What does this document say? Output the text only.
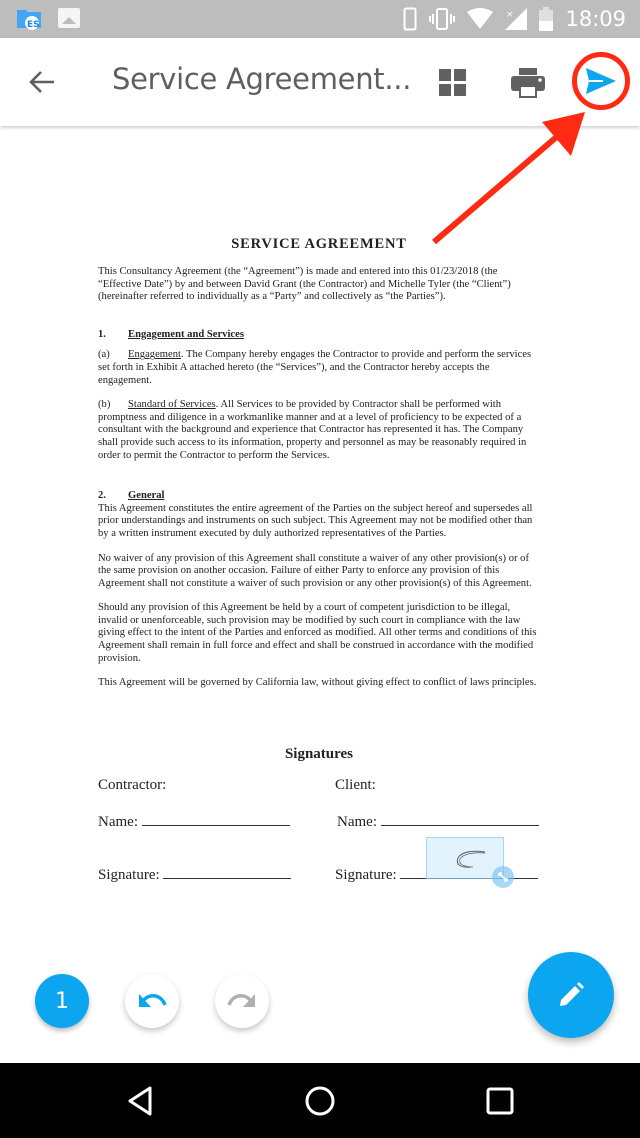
ES
× 18:09
Service Agreement...
SERVICE AGREEMENT
This Consultancy Agreement (the “Agreement”) is made and entered into this 01/23/2018 (the “Effective Date”) by and between David Grant (the Contractor) and Michelle Tyler (the “Client”) (hereinafter referred to individually as a “Party” and collectively as “the Parties”).
1. Engagement and Services
(a) Engagement. The Company hereby engages the Contractor to provide and perform the services set forth in Exhibit A attached hereto (the “Services”), and the Contractor hereby accepts the engagement.
(b) Standard of Services. All Services to be provided by Contractor shall be performed with promptness and diligence in a workmanlike manner and at a level of proficiency to be expected of a consultant with the background and experience that Contractor has represented it has. The Company shall provide such access to its information, property and personnel as may be reasonably required in order to permit the Contractor to perform the Services.
2. General
This Agreement constitutes the entire agreement of the Parties on the subject hereof and supersedes all prior understandings and instruments on such subject. This Agreement may not be modified other than by a written instrument executed by duly authorized representatives of the Parties.
No waiver of any provision of this Agreement shall constitute a waiver of any other provision(s) or of the same provision on another occasion. Failure of either Party to enforce any provision of this Agreement shall not constitute a waiver of such provision or any other provision(s) of this Agreement.
Should any provision of this Agreement be held by a court of competent jurisdiction to be illegal, invalid or unenforceable, such provision may be modified by such court in compliance with the law giving effect to the intent of the Parties and enforced as modified. All other terms and conditions of this Agreement shall remain in full force and effect and shall be construed in accordance with the modified provision.
This Agreement will be governed by California law, without giving effect to conflict of laws principles.
Signatures
Contractor:	Client:
Name:	Name:
Signature:	Signature:
1
